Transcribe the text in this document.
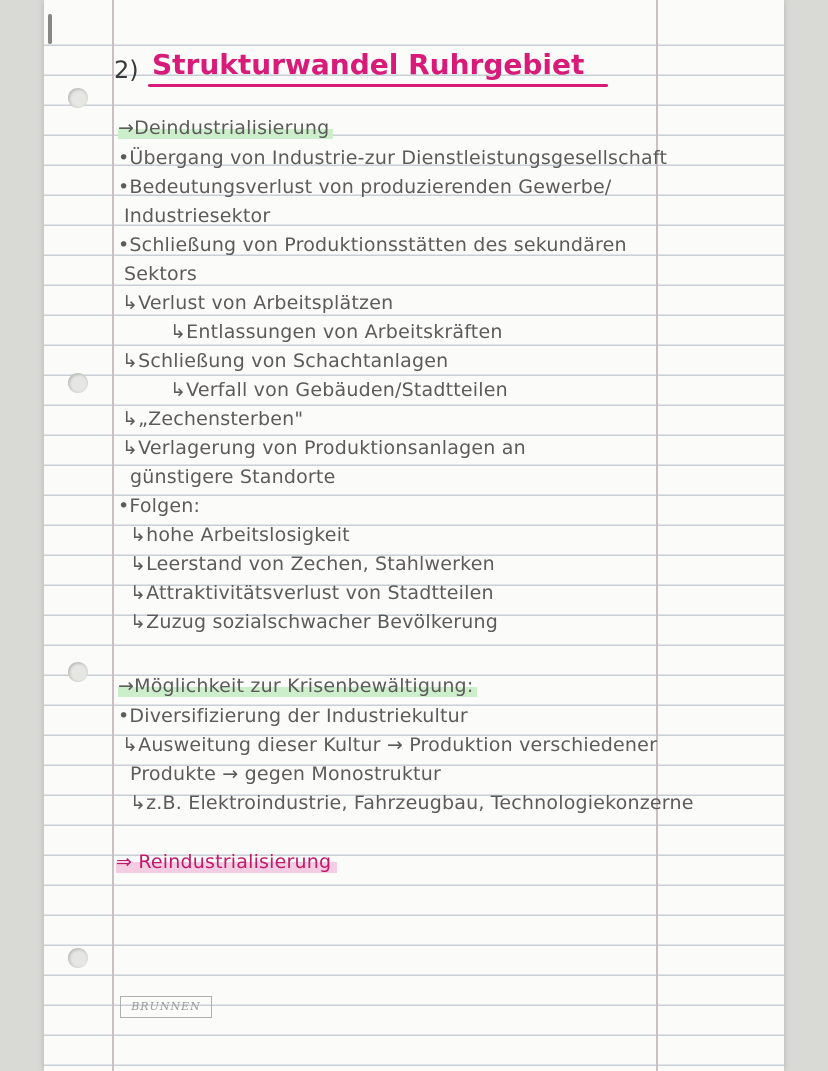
2) Strukturwandel Ruhrgebiet

→Deindustrialisierung

•Übergang von Industrie-zur Dienstleistungsgesellschaft

•Bedeutungsverlust von produzierenden Gewerbe/

Industriesektor

•Schließung von Produktionsstätten des sekundären

Sektors

↳Verlust von Arbeitsplätzen

↳Entlassungen von Arbeitskräften

↳Schließung von Schachtanlagen

↳Verfall von Gebäuden/Stadtteilen

↳„Zechensterben"

↳Verlagerung von Produktionsanlagen an

günstigere Standorte

•Folgen:

↳hohe Arbeitslosigkeit

↳Leerstand von Zechen, Stahlwerken

↳Attraktivitätsverlust von Stadtteilen

↳Zuzug sozialschwacher Bevölkerung

→Möglichkeit zur Krisenbewältigung:

•Diversifizierung der Industriekultur

↳Ausweitung dieser Kultur → Produktion verschiedener

Produkte → gegen Monostruktur

↳z.B. Elektroindustrie, Fahrzeugbau, Technologiekonzerne

⇒ Reindustrialisierung

BRUNNEN
